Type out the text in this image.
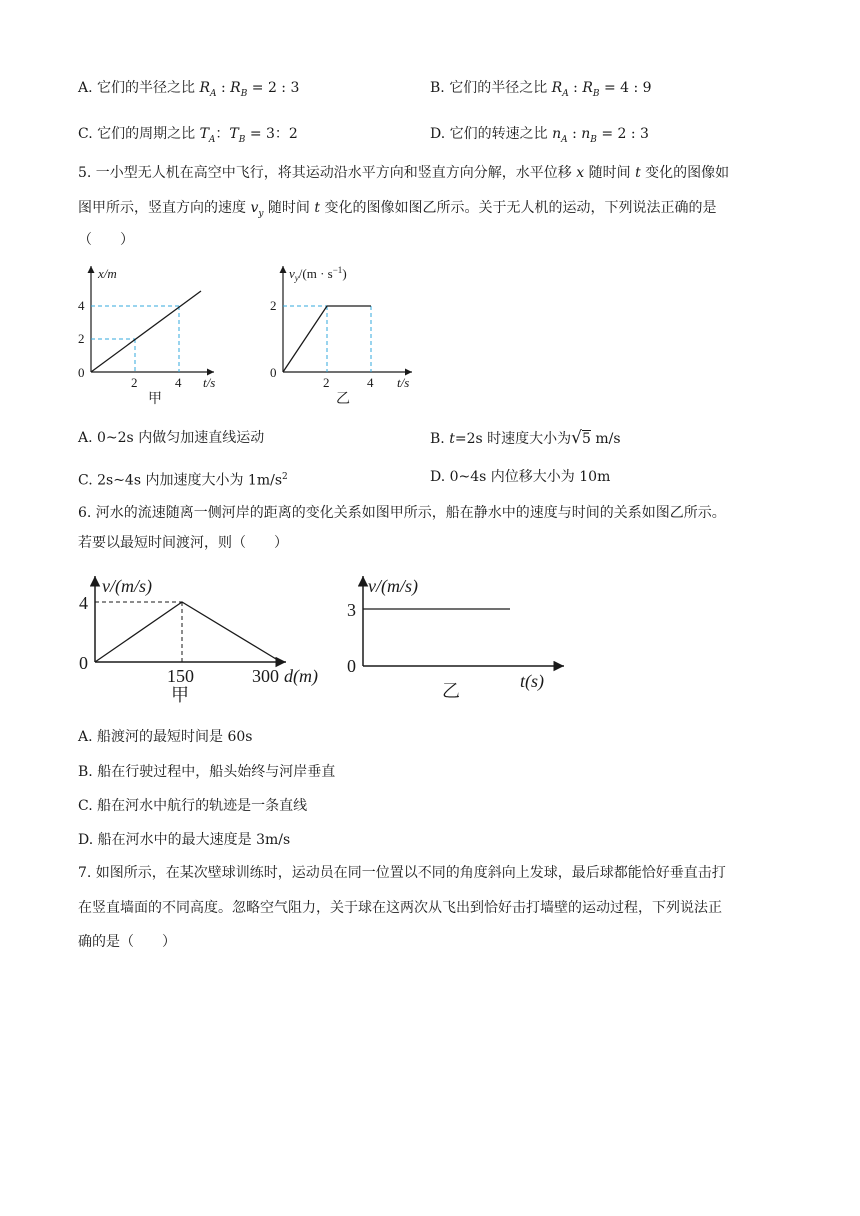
A. 它们的半径之比 $R_A$ : $R_B = 2$ : 3	B. 它们的半径之比 $R_A$ : $R_B = 4$ : 9
C. 它们的周期之比 $T_A$：$T_B = 3$：2	D. 它们的转速之比 $n_A$ : $n_B = 2$ : 3
5. 一小型无人机在高空中飞行，将其运动沿水平方向和竖直方向分解，水平位移 x 随时间 t 变化的图像如
图甲所示，竖直方向的速度 $v_y$ 随时间 t 变化的图像如图乙所示。关于无人机的运动，下列说法正确的是
（　　）
x/m
4
2
0
2	4 t/s
甲
$v_y/(m \cdot s^{-1})$
2
0
2	4 t/s
乙
A. 0~2s 内做匀加速直线运动	B. t=2s 时速度大小为√5 m/s
C. 2s~4s 内加速度大小为 $1m/s^2$	D. 0~4s 内位移大小为 10m
6. 河水的流速随离一侧河岸的距离的变化关系如图甲所示，船在静水中的速度与时间的关系如图乙所示。
若要以最短时间渡河，则（　　）
v/(m/s)
4
0
150	300 d(m)
甲
v/(m/s)
3
0
t(s)
乙
A. 船渡河的最短时间是 60s
B. 船在行驶过程中，船头始终与河岸垂直
C. 船在河水中航行的轨迹是一条直线
D. 船在河水中的最大速度是 3m/s
7. 如图所示，在某次壁球训练时，运动员在同一位置以不同的角度斜向上发球，最后球都能恰好垂直击打
在竖直墙面的不同高度。忽略空气阻力，关于球在这两次从飞出到恰好击打墙壁的运动过程，下列说法正
确的是（　　）
